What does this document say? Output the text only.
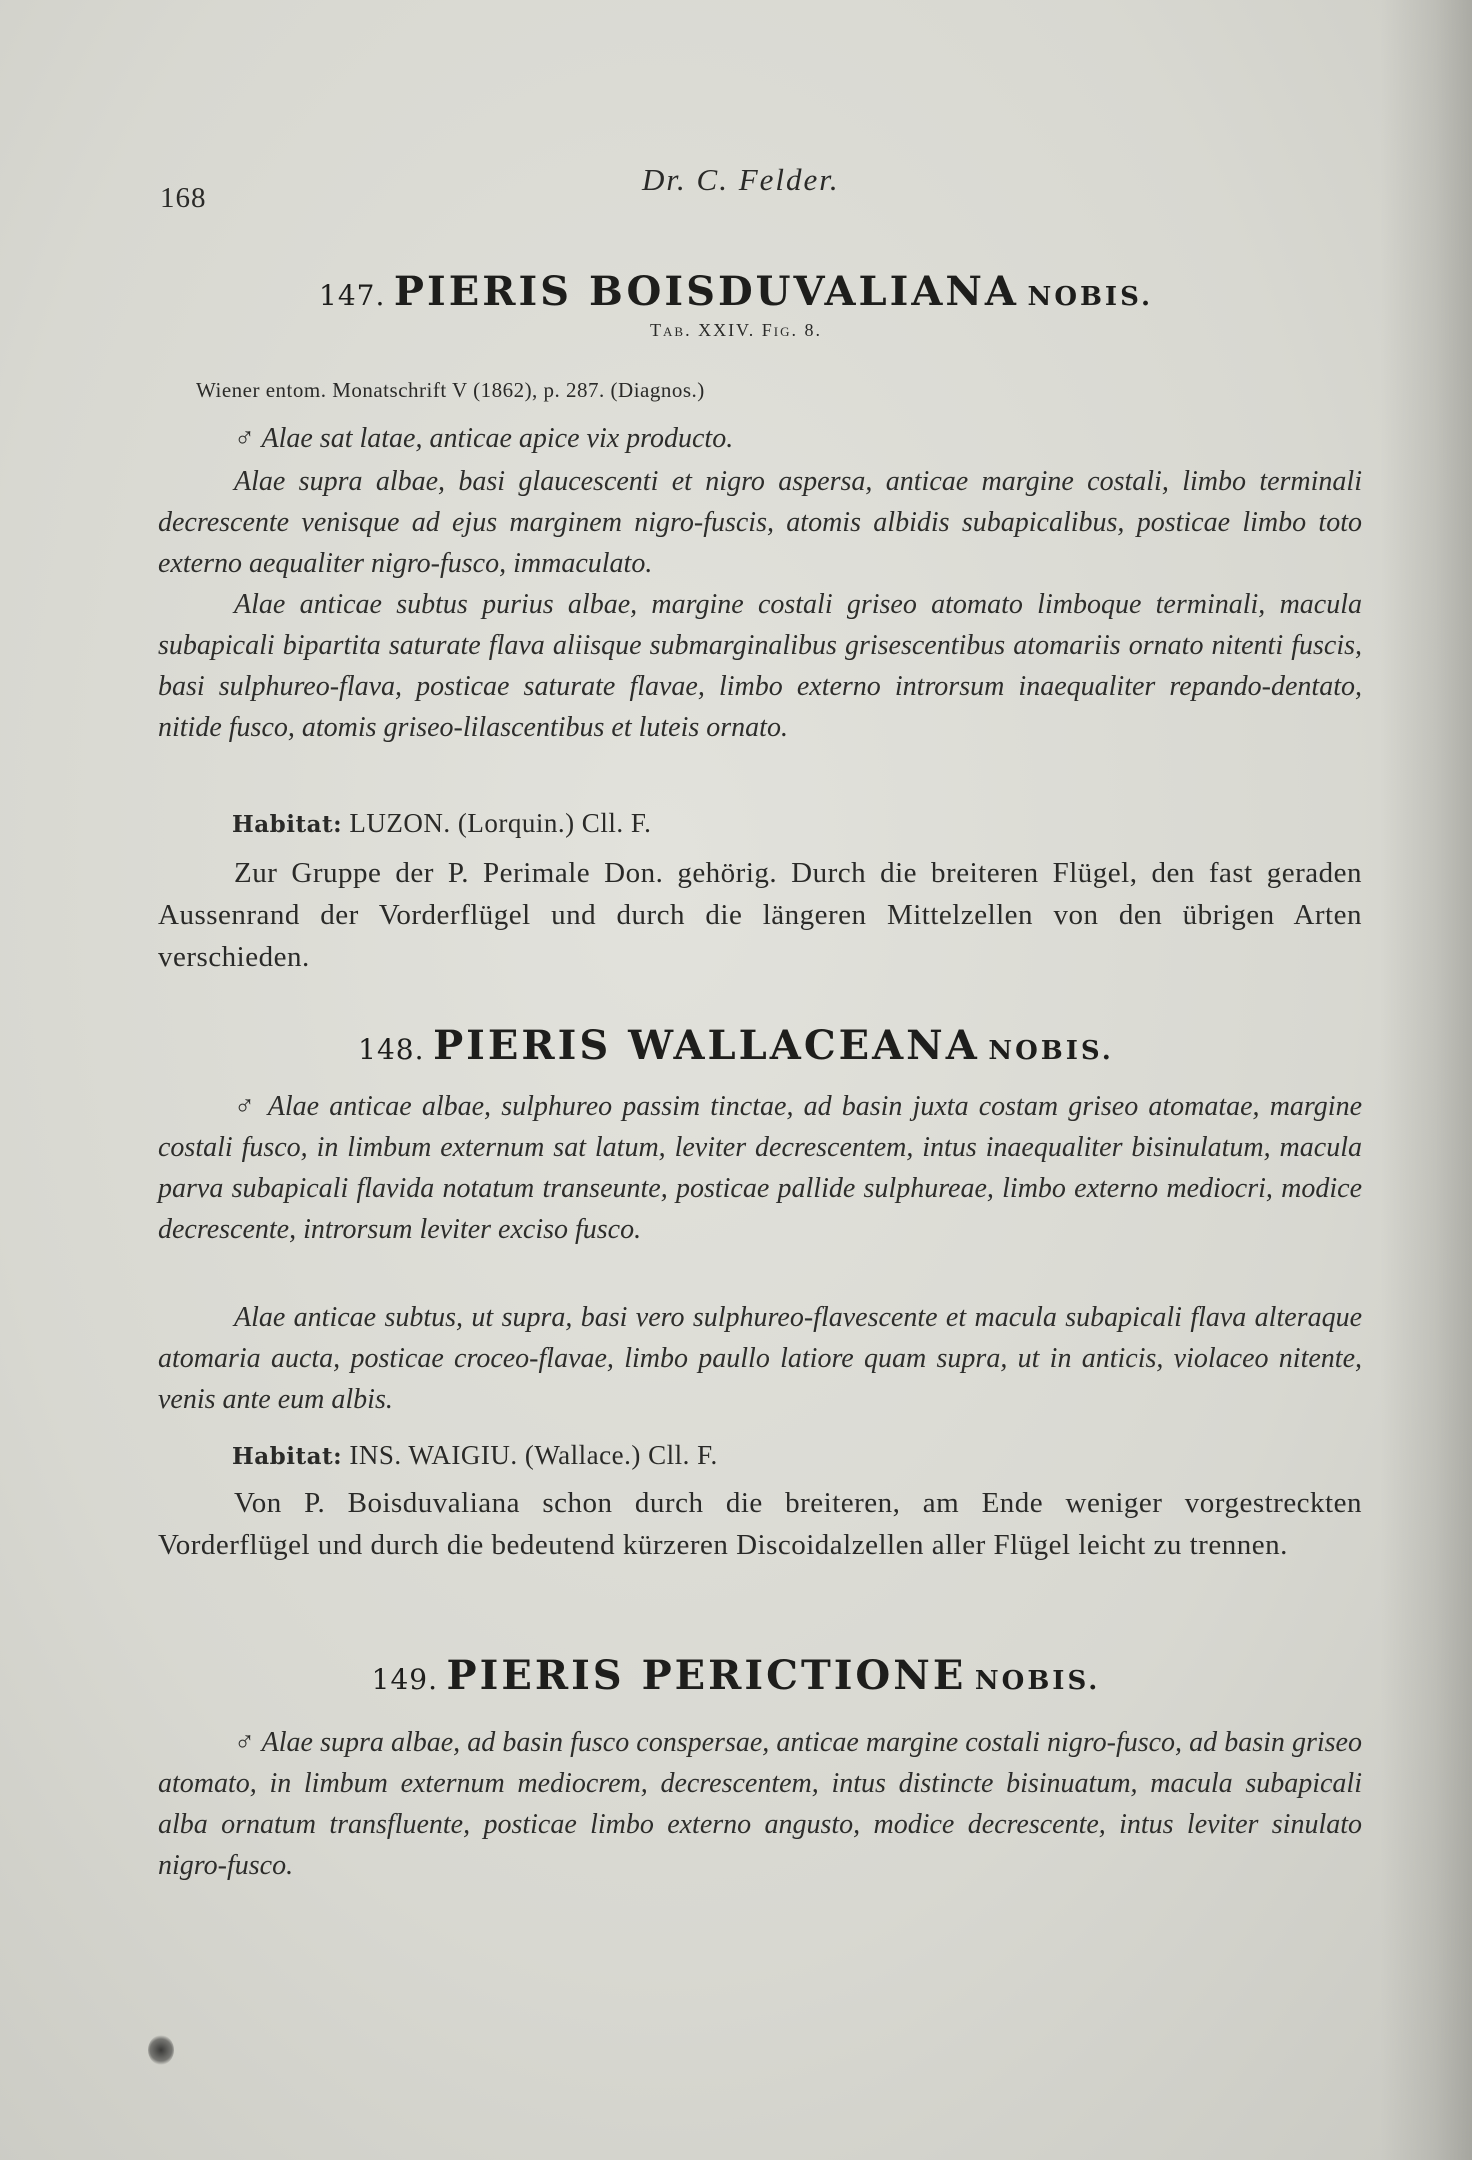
168
Dr. C. Felder.
147. PIERIS BOISDUVALIANA NOBIS.
Tab. XXIV. Fig. 8.
Wiener entom. Monatschrift V (1862), p. 287. (Diagnos.)

♂ Alae sat latae, anticae apice vix producto.

Alae supra albae, basi glaucescenti et nigro aspersa, anticae margine costali, limbo terminali decrescente venisque ad ejus marginem nigro-fuscis, atomis albidis subapicalibus, posticae limbo toto externo aequaliter nigro-fusco, immaculato.

Alae anticae subtus purius albae, margine costali griseo atomato limboque terminali, macula subapicali bipartita saturate flava aliisque submarginalibus grisescentibus atomariis ornato nitenti fuscis, basi sulphureo-flava, posticae saturate flavae, limbo externo introrsum inaequaliter repando-dentato, nitide fusco, atomis griseo-lilascentibus et luteis ornato.

Habitat: LUZON. (Lorquin.) Cll. F.

Zur Gruppe der P. Perimale Don. gehörig. Durch die breiteren Flügel, den fast geraden Aussenrand der Vorderflügel und durch die längeren Mittelzellen von den übrigen Arten verschieden.

148. PIERIS WALLACEANA NOBIS.

♂ Alae anticae albae, sulphureo passim tinctae, ad basin juxta costam griseo atomatae, margine costali fusco, in limbum externum sat latum, leviter decrescentem, intus inaequaliter bisinulatum, macula parva subapicali flavida notatum transeunte, posticae pallide sulphureae, limbo externo mediocri, modice decrescente, introrsum leviter exciso fusco.

Alae anticae subtus, ut supra, basi vero sulphureo-flavescente et macula subapicali flava alteraque atomaria aucta, posticae croceo-flavae, limbo paullo latiore quam supra, ut in anticis, violaceo nitente, venis ante eum albis.

Habitat: INS. WAIGIU. (Wallace.) Cll. F.

Von P. Boisduvaliana schon durch die breiteren, am Ende weniger vorgestreckten Vorderflügel und durch die bedeutend kürzeren Discoidalzellen aller Flügel leicht zu trennen.

149. PIERIS PERICTIONE NOBIS.

♂ Alae supra albae, ad basin fusco conspersae, anticae margine costali nigro-fusco, ad basin griseo atomato, in limbum externum mediocrem, decrescentem, intus distincte bisinuatum, macula subapicali alba ornatum transfluente, posticae limbo externo angusto, modice decrescente, intus leviter sinulato nigro-fusco.
